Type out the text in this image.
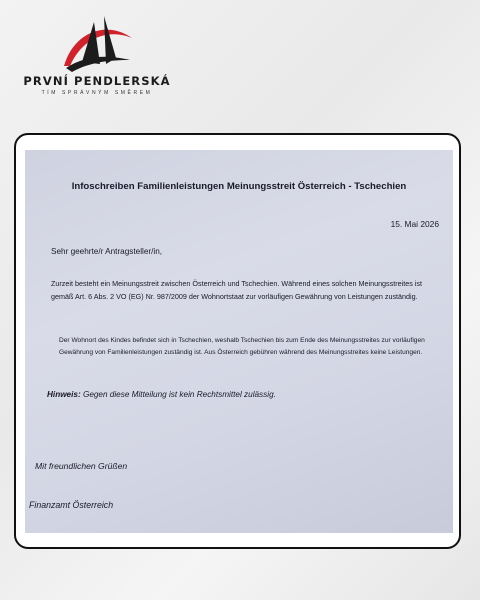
PRVNÍ PENDLERSKÁ
TÍM SPRÁVNÝM SMĚREM

Infoschreiben Familienleistungen Meinungsstreit Österreich - Tschechien

15. Mai 2026

Sehr geehrte/r Antragsteller/in,

Zurzeit besteht ein Meinungsstreit zwischen Österreich und Tschechien. Während eines solchen Meinungsstreites ist gemäß Art. 6 Abs. 2 VO (EG) Nr. 987/2009 der Wohnortstaat zur vorläufigen Gewährung von Leistungen zuständig.

Der Wohnort des Kindes befindet sich in Tschechien, weshalb Tschechien bis zum Ende des Meinungsstreites zur vorläufigen Gewährung von Familienleistungen zuständig ist. Aus Österreich gebühren während des Meinungsstreites keine Leistungen.

Hinweis: Gegen diese Mitteilung ist kein Rechtsmittel zulässig.

Mit freundlichen Grüßen

Finanzamt Österreich
